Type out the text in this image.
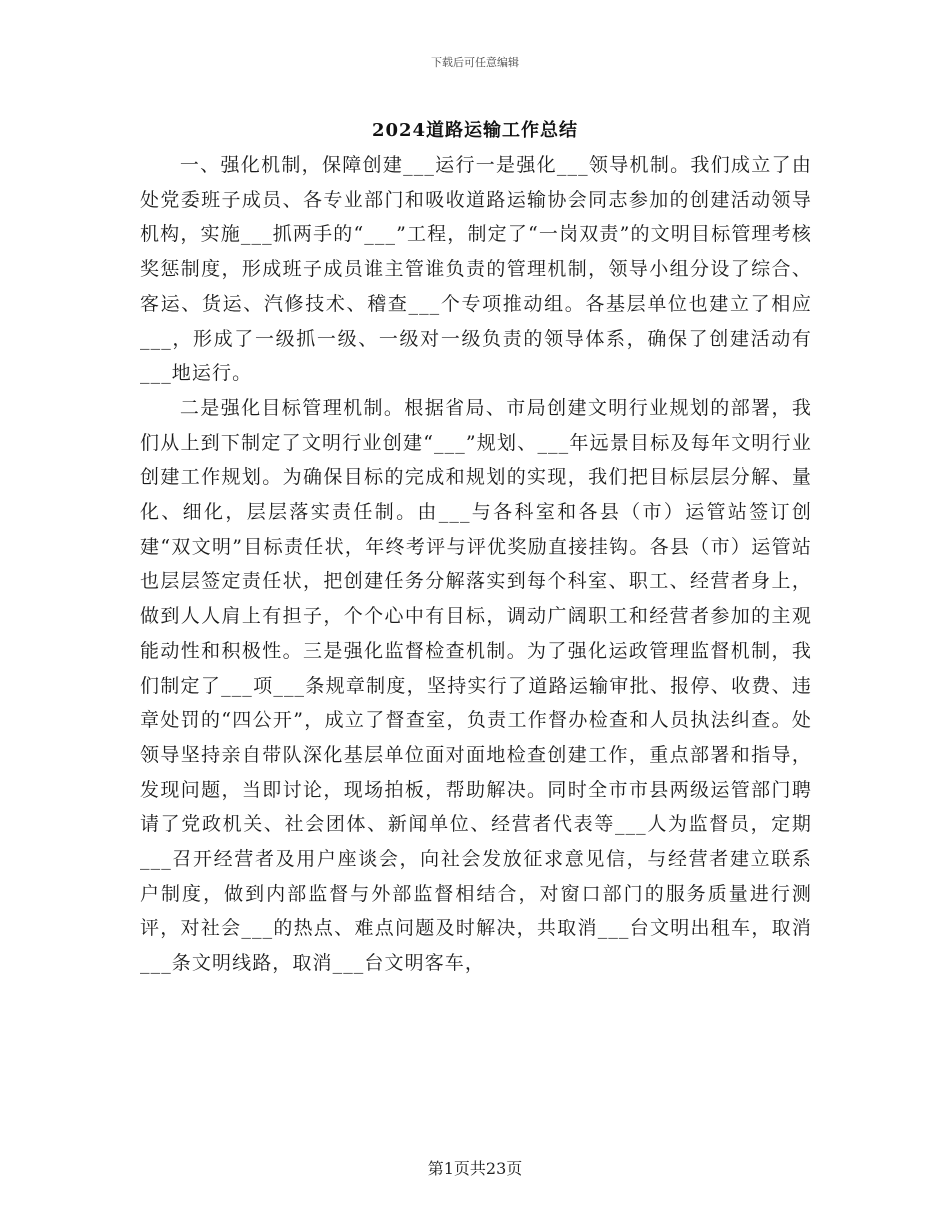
下载后可任意编辑
2024道路运输工作总结

一、强化机制，保障创建___运行一是强化___领导机制。我们成立了由处党委班子成员、各专业部门和吸收道路运输协会同志参加的创建活动领导机构，实施___抓两手的“___”工程，制定了“一岗双责”的文明目标管理考核奖惩制度，形成班子成员谁主管谁负责的管理机制，领导小组分设了综合、客运、货运、汽修技术、稽查___个专项推动组。各基层单位也建立了相应___，形成了一级抓一级、一级对一级负责的领导体系，确保了创建活动有___地运行。

二是强化目标管理机制。根据省局、市局创建文明行业规划的部署，我们从上到下制定了文明行业创建“___”规划、___年远景目标及每年文明行业创建工作规划。为确保目标的完成和规划的实现，我们把目标层层分解、量化、细化，层层落实责任制。由___与各科室和各县（市）运管站签订创建“双文明”目标责任状，年终考评与评优奖励直接挂钩。各县（市）运管站也层层签定责任状，把创建任务分解落实到每个科室、职工、经营者身上，做到人人肩上有担子，个个心中有目标，调动广阔职工和经营者参加的主观能动性和积极性。三是强化监督检查机制。为了强化运政管理监督机制，我们制定了___项___条规章制度，坚持实行了道路运输审批、报停、收费、违章处罚的“四公开”，成立了督查室，负责工作督办检查和人员执法纠查。处领导坚持亲自带队深化基层单位面对面地检查创建工作，重点部署和指导，发现问题，当即讨论，现场拍板，帮助解决。同时全市市县两级运管部门聘请了党政机关、社会团体、新闻单位、经营者代表等___人为监督员，定期___召开经营者及用户座谈会，向社会发放征求意见信，与经营者建立联系户制度，做到内部监督与外部监督相结合，对窗口部门的服务质量进行测评，对社会___的热点、难点问题及时解决，共取消___台文明出租车，取消___条文明线路，取消___台文明客车，

第1页共23页
